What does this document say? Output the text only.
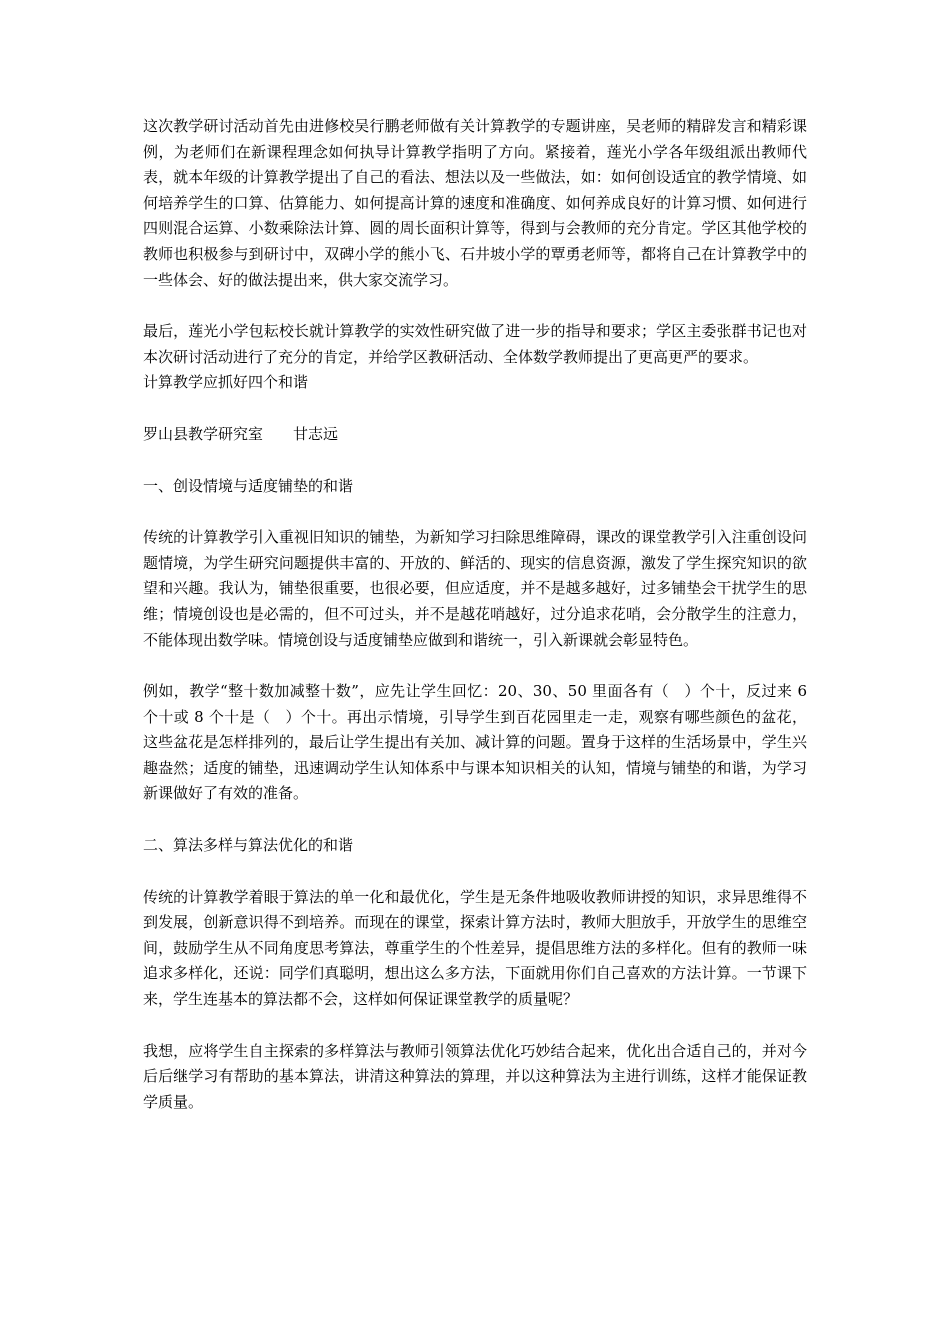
这次教学研讨活动首先由进修校吴行鹏老师做有关计算教学的专题讲座，吴老师的精辟发言和精彩课例，为老师们在新课程理念如何执导计算教学指明了方向。紧接着，莲光小学各年级组派出教师代表，就本年级的计算教学提出了自己的看法、想法以及一些做法，如：如何创设适宜的教学情境、如何培养学生的口算、估算能力、如何提高计算的速度和准确度、如何养成良好的计算习惯、如何进行四则混合运算、小数乘除法计算、圆的周长面积计算等，得到与会教师的充分肯定。学区其他学校的教师也积极参与到研讨中，双碑小学的熊小飞、石井坡小学的覃勇老师等，都将自己在计算教学中的一些体会、好的做法提出来，供大家交流学习。

最后，莲光小学包耘校长就计算教学的实效性研究做了进一步的指导和要求；学区主委张群书记也对本次研讨活动进行了充分的肯定，并给学区教研活动、全体数学教师提出了更高更严的要求。

计算教学应抓好四个和谐

罗山县教学研究室 甘志远

一、创设情境与适度铺垫的和谐

传统的计算教学引入重视旧知识的铺垫，为新知学习扫除思维障碍，课改的课堂教学引入注重创设问题情境，为学生研究问题提供丰富的、开放的、鲜活的、现实的信息资源，激发了学生探究知识的欲望和兴趣。我认为，铺垫很重要，也很必要，但应适度，并不是越多越好，过多铺垫会干扰学生的思维；情境创设也是必需的，但不可过头，并不是越花哨越好，过分追求花哨，会分散学生的注意力，不能体现出数学味。情境创设与适度铺垫应做到和谐统一，引入新课就会彰显特色。

例如，教学“整十数加减整十数”，应先让学生回忆：20、30、50 里面各有（　）个十，反过来 6 个十或 8 个十是（　）个十。再出示情境，引导学生到百花园里走一走，观察有哪些颜色的盆花，这些盆花是怎样排列的，最后让学生提出有关加、减计算的问题。置身于这样的生活场景中，学生兴趣盎然；适度的铺垫，迅速调动学生认知体系中与课本知识相关的认知，情境与铺垫的和谐，为学习新课做好了有效的准备。

二、算法多样与算法优化的和谐

传统的计算教学着眼于算法的单一化和最优化，学生是无条件地吸收教师讲授的知识，求异思维得不到发展，创新意识得不到培养。而现在的课堂，探索计算方法时，教师大胆放手，开放学生的思维空间，鼓励学生从不同角度思考算法，尊重学生的个性差异，提倡思维方法的多样化。但有的教师一味追求多样化，还说：同学们真聪明，想出这么多方法，下面就用你们自己喜欢的方法计算。一节课下来，学生连基本的算法都不会，这样如何保证课堂教学的质量呢？

我想，应将学生自主探索的多样算法与教师引领算法优化巧妙结合起来，优化出合适自己的，并对今后后继学习有帮助的基本算法，讲清这种算法的算理，并以这种算法为主进行训练，这样才能保证教学质量。
